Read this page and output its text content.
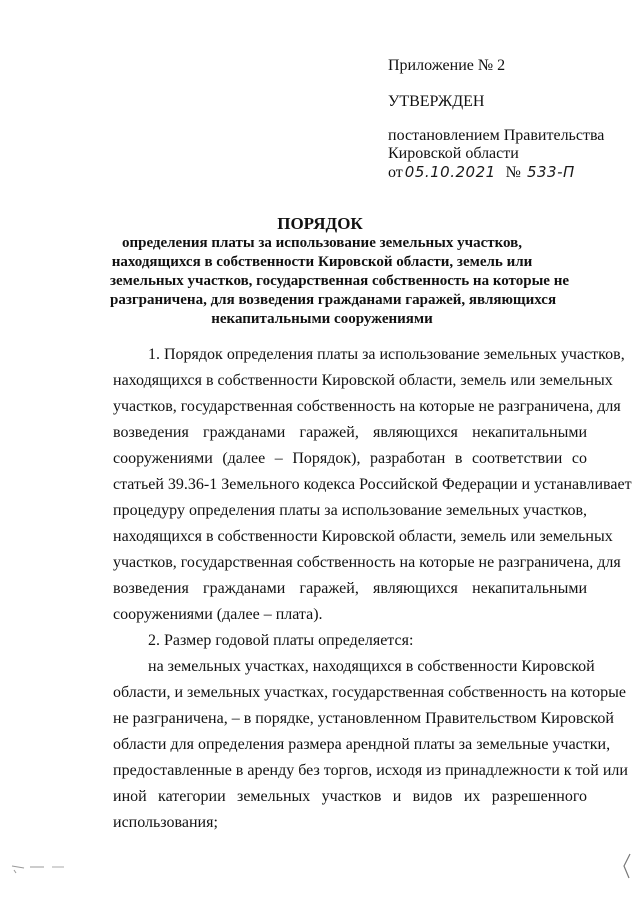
Приложение № 2
УТВЕРЖДЕН
постановлением Правительства
Кировской области
от 05.10.2021 № 533-П
ПОРЯДОК
определения платы за использование земельных участков,
находящихся в собственности Кировской области, земель или
земельных участков, государственная собственность на которые не
разграничена, для возведения гражданами гаражей, являющихся
некапитальными сооружениями
1. Порядок определения платы за использование земельных участков,
находящихся в собственности Кировской области, земель или земельных
участков, государственная собственность на которые не разграничена, для
возведения гражданами гаражей, являющихся некапитальными
сооружениями (далее – Порядок), разработан в соответствии со
статьей 39.36-1 Земельного кодекса Российской Федерации и устанавливает
процедуру определения платы за использование земельных участков,
находящихся в собственности Кировской области, земель или земельных
участков, государственная собственность на которые не разграничена, для
возведения гражданами гаражей, являющихся некапитальными
сооружениями (далее – плата).
2. Размер годовой платы определяется:
на земельных участках, находящихся в собственности Кировской
области, и земельных участках, государственная собственность на которые
не разграничена, – в порядке, установленном Правительством Кировской
области для определения размера арендной платы за земельные участки,
предоставленные в аренду без торгов, исходя из принадлежности к той или
иной категории земельных участков и видов их разрешенного
использования;
